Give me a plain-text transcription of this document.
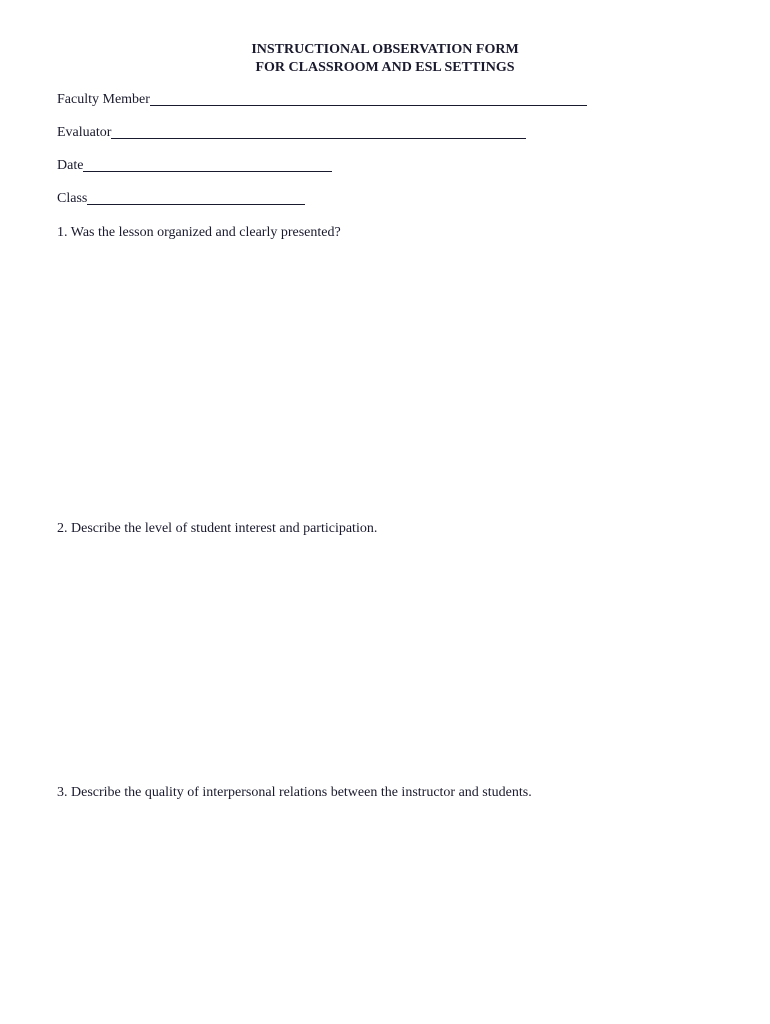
INSTRUCTIONAL OBSERVATION FORM
FOR CLASSROOM AND ESL SETTINGS
Faculty Member
Evaluator
Date
Class
1. Was the lesson organized and clearly presented?
2. Describe the level of student interest and participation.
3. Describe the quality of interpersonal relations between the instructor and students.
